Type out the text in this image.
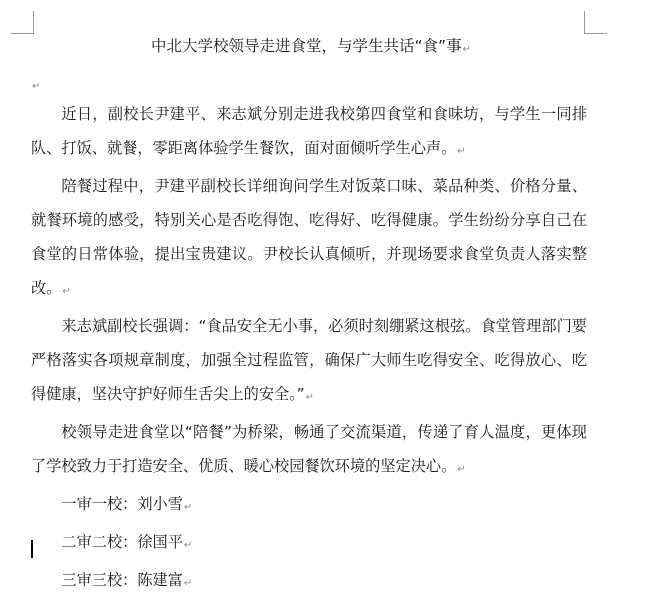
中北大学校领导走进食堂，与学生共话“食”事↵
↵

近日，副校长尹建平、来志斌分别走进我校第四食堂和食味坊，与学生一同排队、打饭、就餐，零距离体验学生餐饮，面对面倾听学生心声。↵

陪餐过程中，尹建平副校长详细询问学生对饭菜口味、菜品种类、价格分量、就餐环境的感受，特别关心是否吃得饱、吃得好、吃得健康。学生纷纷分享自己在食堂的日常体验，提出宝贵建议。尹校长认真倾听，并现场要求食堂负责人落实整改。↵

来志斌副校长强调：“食品安全无小事，必须时刻绷紧这根弦。食堂管理部门要严格落实各项规章制度，加强全过程监管，确保广大师生吃得安全、吃得放心、吃得健康，坚决守护好师生舌尖上的安全。”↵

校领导走进食堂以“陪餐”为桥梁，畅通了交流渠道，传递了育人温度，更体现了学校致力于打造安全、优质、暖心校园餐饮环境的坚定决心。↵

一审一校：刘小雪↵

二审二校：徐国平↵

三审三校：陈建富↵
